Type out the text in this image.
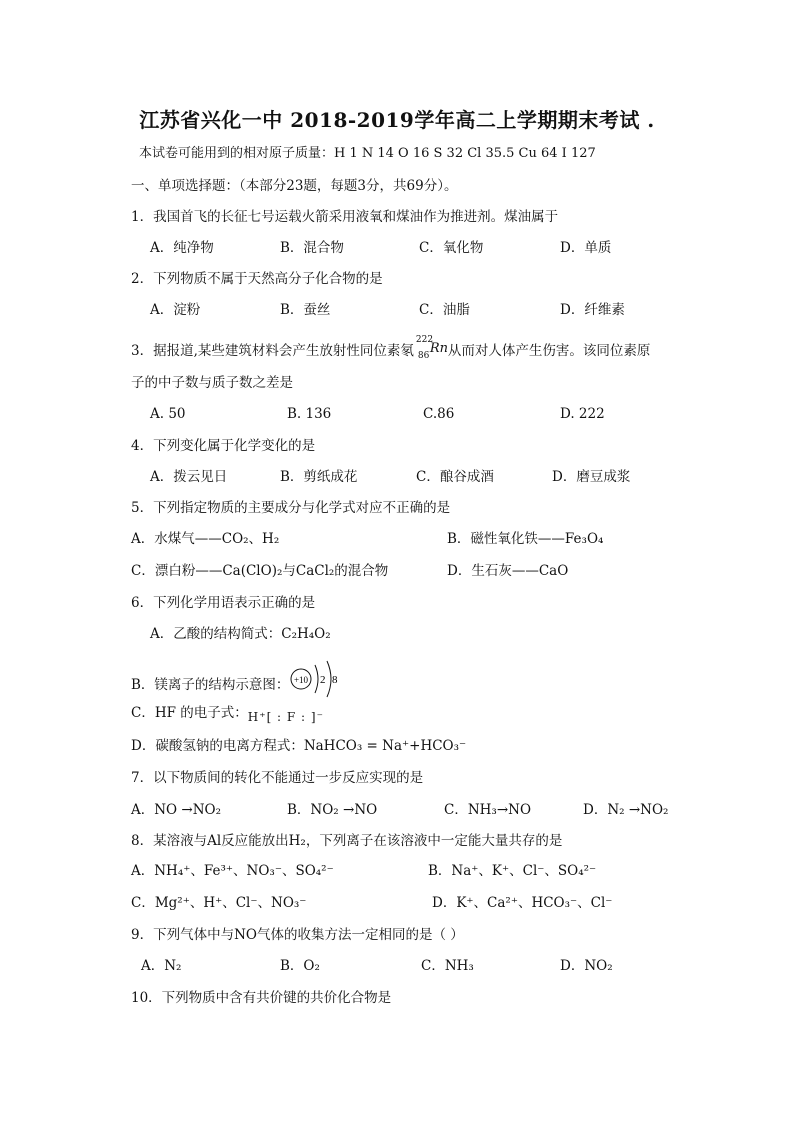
江苏省兴化一中 2018-2019学年高二上学期期末考试 .
本试卷可能用到的相对原子质量：H 1 N 14 O 16 S 32 Cl 35.5 Cu 64 I 127
一、单项选择题：（本部分23题，每题3分，共69分）。
1．我国首飞的长征七号运载火箭采用液氧和煤油作为推进剂。煤油属于
A．纯净物	B．混合物	C．氧化物	D．单质
2．下列物质不属于天然高分子化合物的是
A．淀粉	B．蚕丝	C．油脂	D．纤维素
3．据报道,某些建筑材料会产生放射性同位素氡
222
86 Rn 从而对人体产生伤害。该同位素原
子的中子数与质子数之差是
A. 50	B. 136	C.86	D. 222
4．下列变化属于化学变化的是
A．拨云见日	B．剪纸成花	C．酿谷成酒	D．磨豆成浆
5．下列指定物质的主要成分与化学式对应不正确的是
A．水煤气——CO₂、H₂	B．磁性氧化铁——Fe₃O₄
C．漂白粉——Ca(ClO)₂与CaCl₂的混合物	D．生石灰——CaO
6．下列化学用语表示正确的是
A．乙酸的结构简式：C₂H₄O₂
B．镁离子的结构示意图： +10 2 8
C．HF 的电子式：H⁺[ : F : ]⁻
D．碳酸氢钠的电离方程式：NaHCO₃ = Na⁺+HCO₃⁻
7．以下物质间的转化不能通过一步反应实现的是
A．NO →NO₂	B．NO₂ →NO	C．NH₃→NO	D．N₂ →NO₂
8．某溶液与Al反应能放出H₂，下列离子在该溶液中一定能大量共存的是
A．NH₄⁺、Fe³⁺、NO₃⁻、SO₄²⁻	B．Na⁺、K⁺、Cl⁻、SO₄²⁻
C．Mg²⁺、H⁺、Cl⁻、NO₃⁻	D．K⁺、Ca²⁺、HCO₃⁻、Cl⁻
9．下列气体中与NO气体的收集方法一定相同的是（ ）
A．N₂	B．O₂	C．NH₃	D．NO₂
10．下列物质中含有共价键的共价化合物是
